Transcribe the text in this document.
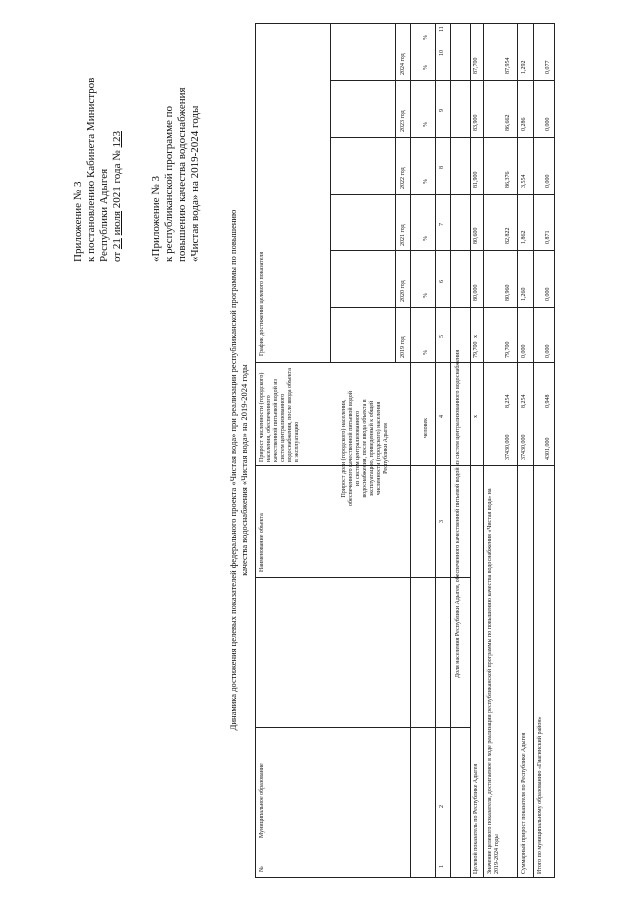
Приложение № 3 к постановлению Кабинета Министров Республики Адыгея от 21 июля 2021 года № 123
«Приложение № 3 к республиканской программе по повышению качества водоснабжения «Чистая вода» на 2019-2024 годы
Динамика достижения целевых показателей федерального проекта «Чистая вода» при реализации республиканской программы по повышению качества водоснабжения «Чистая вода» на 2019-2024 годы
№
Муниципальное образование
Наименование объекта
Прирост численности (городского) населения, обеспеченного качественной питьевой водой из систем централизованного водоснабжения, после ввода объекта в эксплуатацию	Прирост доли (городского) населения, обеспеченного качественной питьевой водой из систем централизованного водоснабжения, после ввода объекта в эксплуатацию, приведенный к общей численности (городского) населения Республики Адыгея
График достижения целевого показателя	2019 год
2020 год
2021 год
2022 год
2023 год
2024 год
человек
%
%
%
%
%
%
%
1
2
3
4
5
6
7
8
9
10
11
Доля населения Республики Адыгея, обеспеченного качественной питьевой водой из систем централизованного водоснабжения
Целевой показатель по Республике Адыгея
х
х
79,700
80,000
80,600
81,900
83,900
87,700
Значение целевого показателя, достигаемое в ходе реализации республиканской программы по повышению качества водоснабжения «Чистая вода» на 2019-2024 годы
37430,000
8,254
79,700
80,960
82,822
86,376
86,662
87,954
Суммарный прирост показателя по Республике Адыгея
37430,000
8,254
0,000
1,260
1,862
3,554
0,286
1,292
Итого по муниципальному образованию «Гиагинский район»
4301,000
0,948
0,000
0,000
0,871
0,000
0,000
0,077
